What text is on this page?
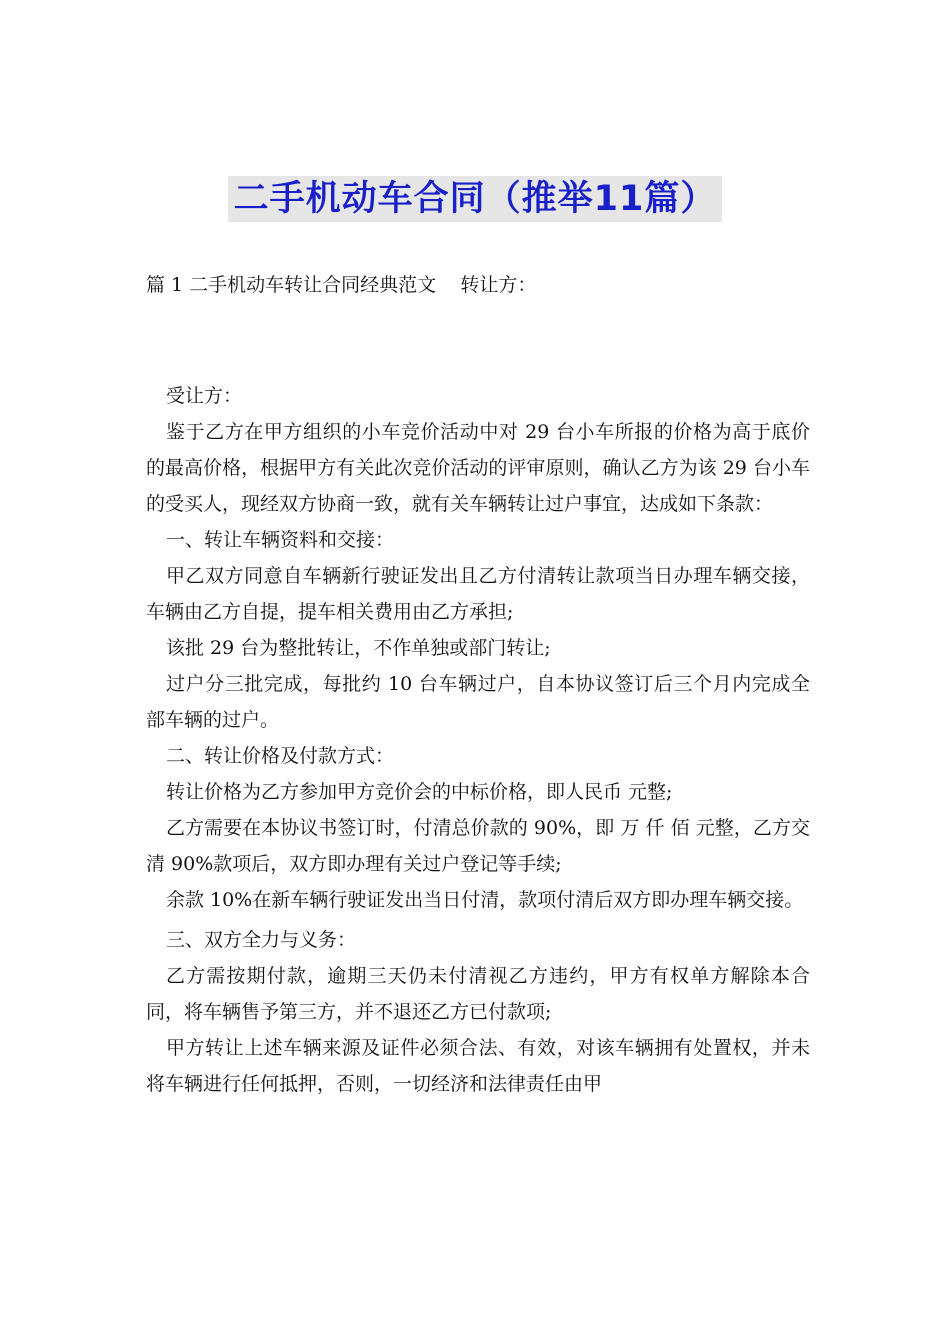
二手机动车合同（推举11篇）
篇 1 二手机动车转让合同经典范文    转让方：

受让方：

鉴于乙方在甲方组织的小车竞价活动中对 29 台小车所报的价格为高于底价的最高价格，根据甲方有关此次竞价活动的评审原则，确认乙方为该 29 台小车的受买人，现经双方协商一致，就有关车辆转让过户事宜，达成如下条款：

一、转让车辆资料和交接：

甲乙双方同意自车辆新行驶证发出且乙方付清转让款项当日办理车辆交接，车辆由乙方自提，提车相关费用由乙方承担;

该批 29 台为整批转让，不作单独或部门转让;

过户分三批完成，每批约 10 台车辆过户，自本协议签订后三个月内完成全部车辆的过户。

二、转让价格及付款方式：

转让价格为乙方参加甲方竞价会的中标价格，即人民币 元整;

乙方需要在本协议书签订时，付清总价款的 90%，即 万 仟 佰 元整，乙方交清 90%款项后，双方即办理有关过户登记等手续;

余款 10%在新车辆行驶证发出当日付清，款项付清后双方即办理车辆交接。

三、双方全力与义务：

乙方需按期付款，逾期三天仍未付清视乙方违约，甲方有权单方解除本合同，将车辆售予第三方，并不退还乙方已付款项;

甲方转让上述车辆来源及证件必须合法、有效，对该车辆拥有处置权，并未将车辆进行任何抵押，否则，一切经济和法律责任由甲
